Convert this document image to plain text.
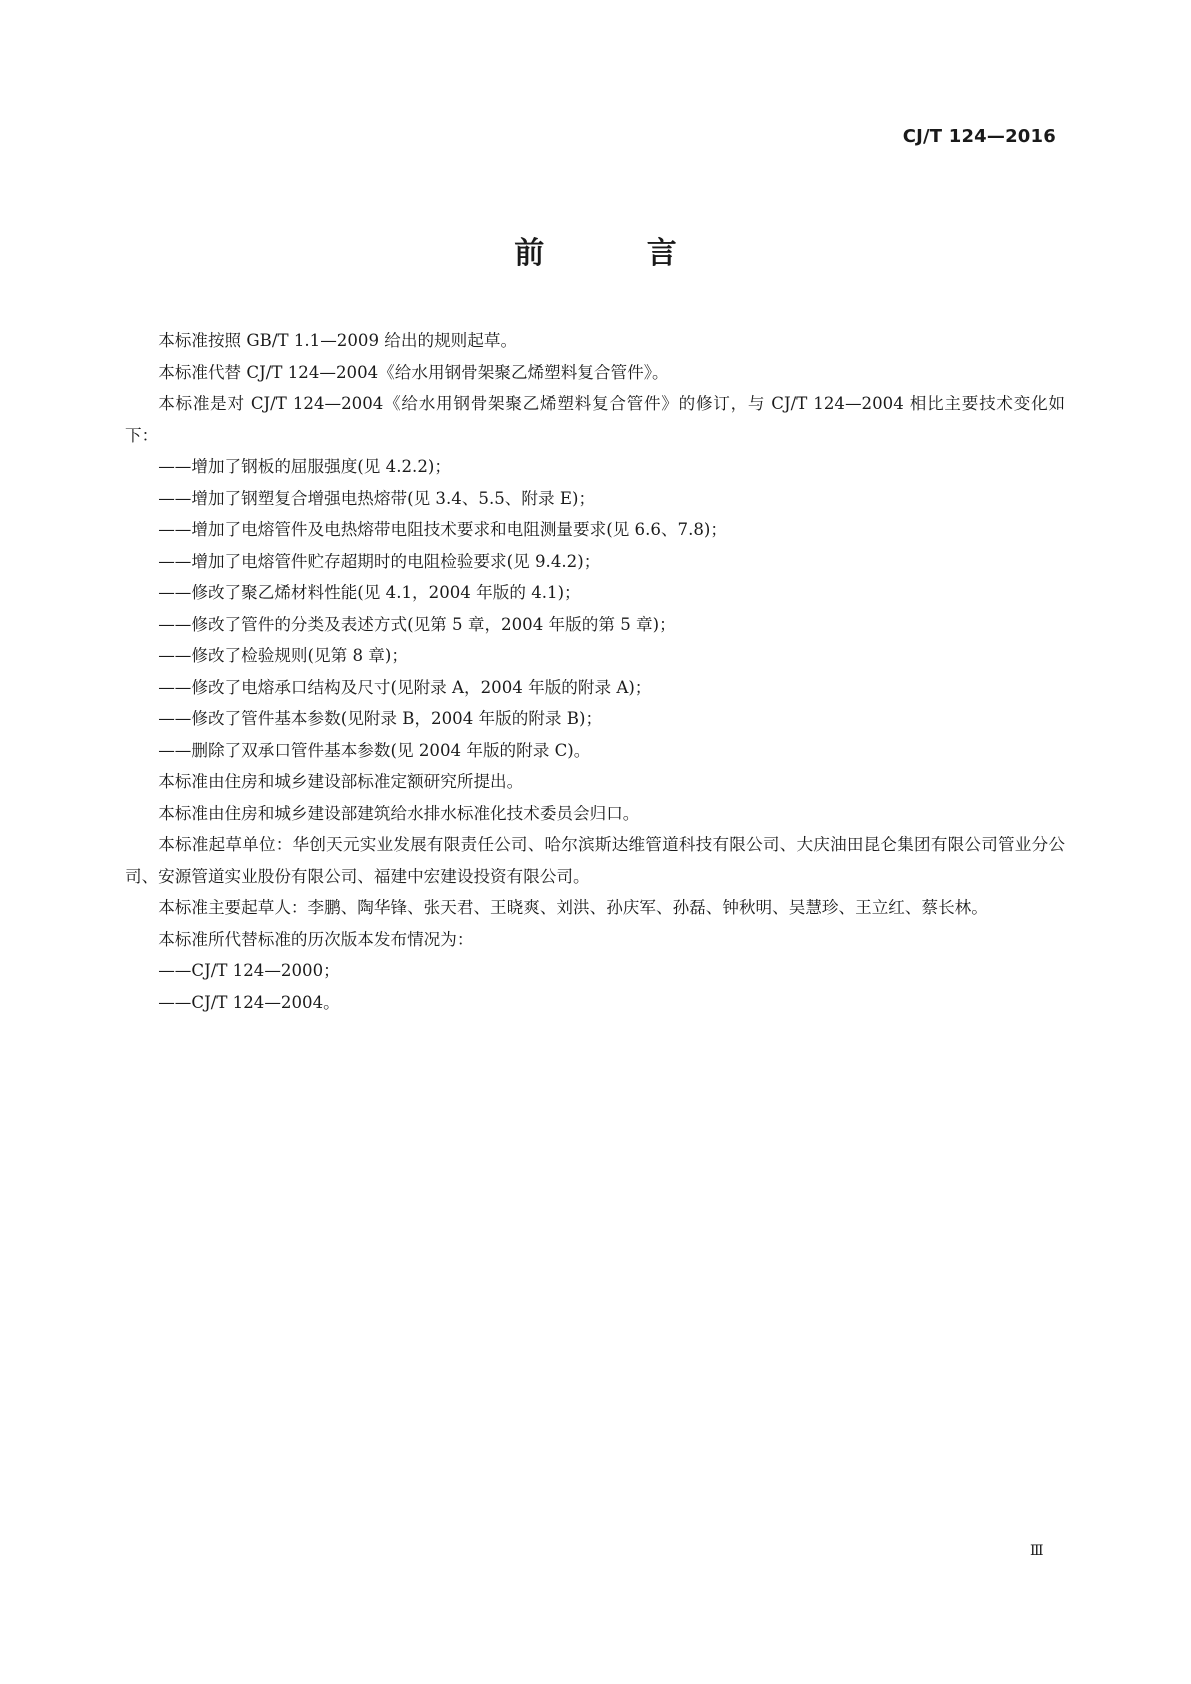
CJ/T 124—2016
前 言

本标准按照 GB/T 1.1—2009 给出的规则起草。

本标准代替 CJ/T 124—2004《给水用钢骨架聚乙烯塑料复合管件》。

本标准是对 CJ/T 124—2004《给水用钢骨架聚乙烯塑料复合管件》的修订，与 CJ/T 124—2004 相比主要技术变化如下：

——增加了钢板的屈服强度(见 4.2.2)；

——增加了钢塑复合增强电热熔带(见 3.4、5.5、附录 E)；

——增加了电熔管件及电热熔带电阻技术要求和电阻测量要求(见 6.6、7.8)；

——增加了电熔管件贮存超期时的电阻检验要求(见 9.4.2)；

——修改了聚乙烯材料性能(见 4.1，2004 年版的 4.1)；

——修改了管件的分类及表述方式(见第 5 章，2004 年版的第 5 章)；

——修改了检验规则(见第 8 章)；

——修改了电熔承口结构及尺寸(见附录 A，2004 年版的附录 A)；

——修改了管件基本参数(见附录 B，2004 年版的附录 B)；

——删除了双承口管件基本参数(见 2004 年版的附录 C)。

本标准由住房和城乡建设部标准定额研究所提出。

本标准由住房和城乡建设部建筑给水排水标准化技术委员会归口。

本标准起草单位：华创天元实业发展有限责任公司、哈尔滨斯达维管道科技有限公司、大庆油田昆仑集团有限公司管业分公司、安源管道实业股份有限公司、福建中宏建设投资有限公司。

本标准主要起草人：李鹏、陶华锋、张天君、王晓爽、刘洪、孙庆军、孙磊、钟秋明、吴慧珍、王立红、蔡长林。

本标准所代替标准的历次版本发布情况为：

——CJ/T 124—2000；

——CJ/T 124—2004。

Ⅲ
